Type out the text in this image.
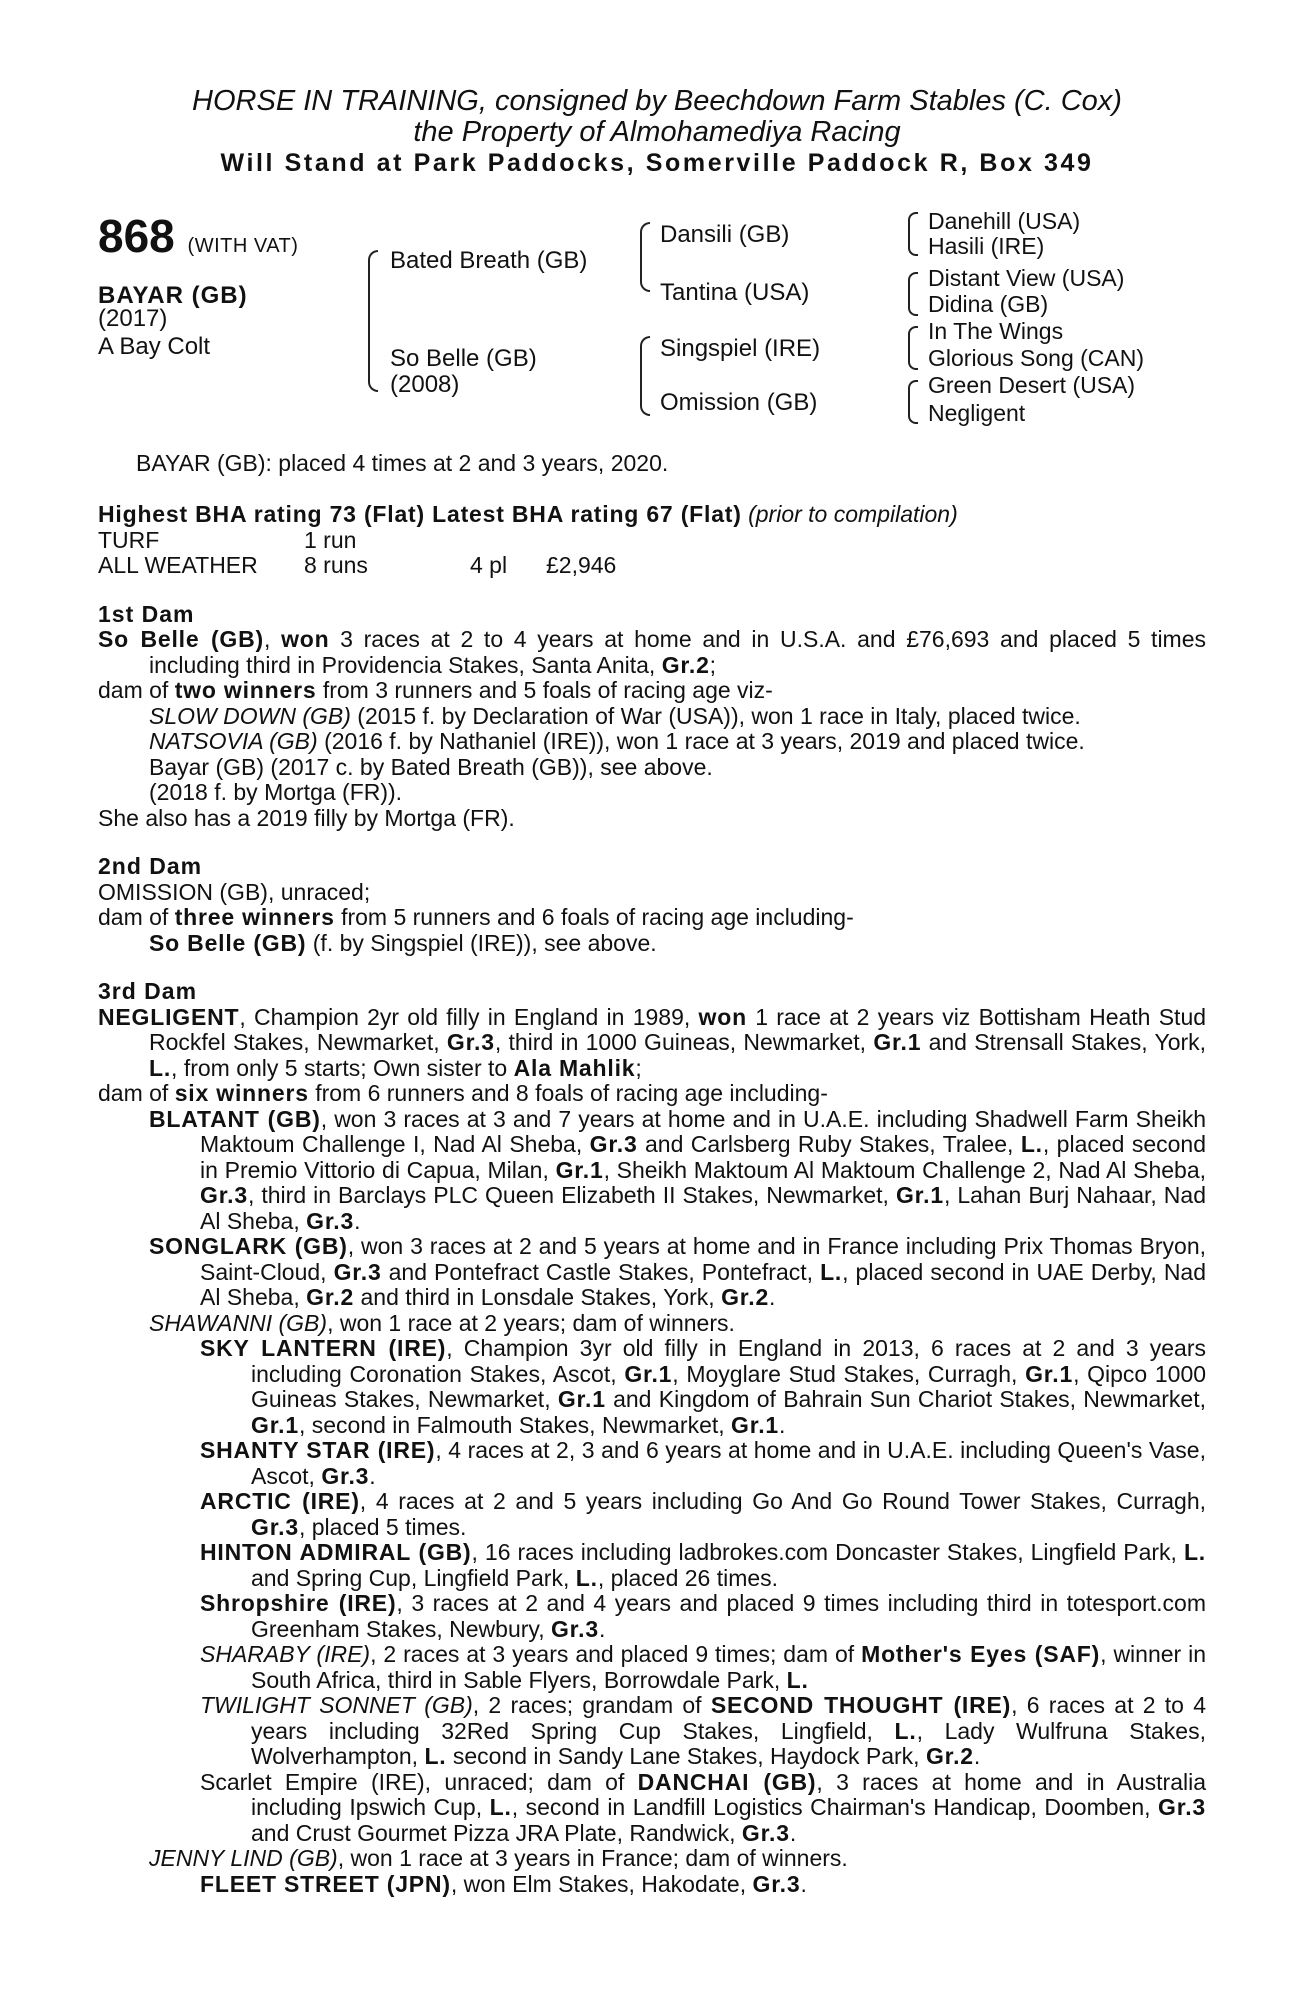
HORSE IN TRAINING, consigned by Beechdown Farm Stables (C. Cox)
the Property of Almohamediya Racing
Will Stand at Park Paddocks, Somerville Paddock R, Box 349
868 (WITH VAT)
BAYAR (GB)
(2017)
A Bay Colt
Bated Breath (GB)
So Belle (GB)
(2008)
Dansili (GB)
Tantina (USA)
Singspiel (IRE)
Omission (GB)
Danehill (USA)
Hasili (IRE)
Distant View (USA)
Didina (GB)
In The Wings
Glorious Song (CAN)
Green Desert (USA)
Negligent
BAYAR (GB): placed 4 times at 2 and 3 years, 2020.
Highest BHA rating 73 (Flat) Latest BHA rating 67 (Flat) (prior to compilation)
TURF	1 run
ALL WEATHER 8 runs	4 pl £2,946
1st Dam
So Belle (GB), won 3 races at 2 to 4 years at home and in U.S.A. and £76,693 and placed 5 times including third in Providencia Stakes, Santa Anita, Gr.2;
dam of two winners from 3 runners and 5 foals of racing age viz-
SLOW DOWN (GB) (2015 f. by Declaration of War (USA)), won 1 race in Italy, placed twice.
NATSOVIA (GB) (2016 f. by Nathaniel (IRE)), won 1 race at 3 years, 2019 and placed twice.
Bayar (GB) (2017 c. by Bated Breath (GB)), see above.
(2018 f. by Mortga (FR)).
She also has a 2019 filly by Mortga (FR).
2nd Dam
OMISSION (GB), unraced;
dam of three winners from 5 runners and 6 foals of racing age including-
So Belle (GB) (f. by Singspiel (IRE)), see above.
3rd Dam
NEGLIGENT, Champion 2yr old filly in England in 1989, won 1 race at 2 years viz Bottisham Heath Stud Rockfel Stakes, Newmarket, Gr.3, third in 1000 Guineas, Newmarket, Gr.1 and Strensall Stakes, York, L., from only 5 starts; Own sister to Ala Mahlik;
dam of six winners from 6 runners and 8 foals of racing age including-
BLATANT (GB), won 3 races at 3 and 7 years at home and in U.A.E. including Shadwell Farm Sheikh Maktoum Challenge I, Nad Al Sheba, Gr.3 and Carlsberg Ruby Stakes, Tralee, L., placed second in Premio Vittorio di Capua, Milan, Gr.1, Sheikh Maktoum Al Maktoum Challenge 2, Nad Al Sheba, Gr.3, third in Barclays PLC Queen Elizabeth II Stakes, Newmarket, Gr.1, Lahan Burj Nahaar, Nad Al Sheba, Gr.3.
SONGLARK (GB), won 3 races at 2 and 5 years at home and in France including Prix Thomas Bryon, Saint-Cloud, Gr.3 and Pontefract Castle Stakes, Pontefract, L., placed second in UAE Derby, Nad Al Sheba, Gr.2 and third in Lonsdale Stakes, York, Gr.2.
SHAWANNI (GB), won 1 race at 2 years; dam of winners.
SKY LANTERN (IRE), Champion 3yr old filly in England in 2013, 6 races at 2 and 3 years including Coronation Stakes, Ascot, Gr.1, Moyglare Stud Stakes, Curragh, Gr.1, Qipco 1000 Guineas Stakes, Newmarket, Gr.1 and Kingdom of Bahrain Sun Chariot Stakes, Newmarket, Gr.1, second in Falmouth Stakes, Newmarket, Gr.1.
SHANTY STAR (IRE), 4 races at 2, 3 and 6 years at home and in U.A.E. including Queen's Vase, Ascot, Gr.3.
ARCTIC (IRE), 4 races at 2 and 5 years including Go And Go Round Tower Stakes, Curragh, Gr.3, placed 5 times.
HINTON ADMIRAL (GB), 16 races including ladbrokes.com Doncaster Stakes, Lingfield Park, L. and Spring Cup, Lingfield Park, L., placed 26 times.
Shropshire (IRE), 3 races at 2 and 4 years and placed 9 times including third in totesport.com Greenham Stakes, Newbury, Gr.3.
SHARABY (IRE), 2 races at 3 years and placed 9 times; dam of Mother's Eyes (SAF), winner in South Africa, third in Sable Flyers, Borrowdale Park, L.
TWILIGHT SONNET (GB), 2 races; grandam of SECOND THOUGHT (IRE), 6 races at 2 to 4 years including 32Red Spring Cup Stakes, Lingfield, L., Lady Wulfruna Stakes, Wolverhampton, L. second in Sandy Lane Stakes, Haydock Park, Gr.2.
Scarlet Empire (IRE), unraced; dam of DANCHAI (GB), 3 races at home and in Australia including Ipswich Cup, L., second in Landfill Logistics Chairman's Handicap, Doomben, Gr.3 and Crust Gourmet Pizza JRA Plate, Randwick, Gr.3.
JENNY LIND (GB), won 1 race at 3 years in France; dam of winners.
FLEET STREET (JPN), won Elm Stakes, Hakodate, Gr.3.
